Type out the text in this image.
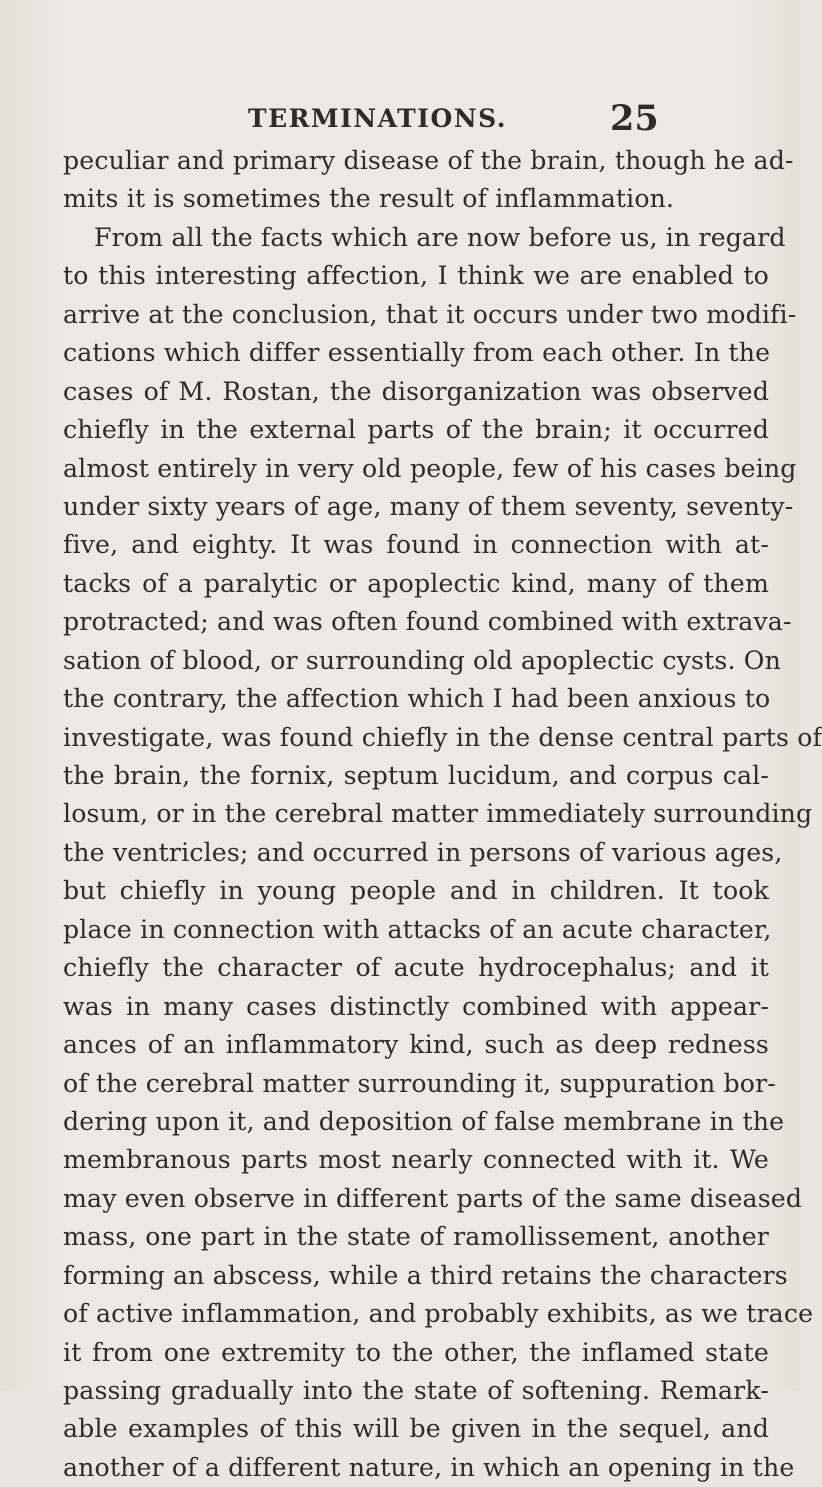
TERMINATIONS.	25
peculiar and primary disease of the brain, though he ad-
mits it is sometimes the result of inflammation.
From all the facts which are now before us, in regard
to this interesting affection, I think we are enabled to
arrive at the conclusion, that it occurs under two modifi-
cations which differ essentially from each other. In the
cases of M. Rostan, the disorganization was observed
chiefly in the external parts of the brain; it occurred
almost entirely in very old people, few of his cases being
under sixty years of age, many of them seventy, seventy-
five, and eighty. It was found in connection with at-
tacks of a paralytic or apoplectic kind, many of them
protracted; and was often found combined with extrava-
sation of blood, or surrounding old apoplectic cysts. On
the contrary, the affection which I had been anxious to
investigate, was found chiefly in the dense central parts of
the brain, the fornix, septum lucidum, and corpus cal-
losum, or in the cerebral matter immediately surrounding
the ventricles; and occurred in persons of various ages,
but chiefly in young people and in children. It took
place in connection with attacks of an acute character,
chiefly the character of acute hydrocephalus; and it
was in many cases distinctly combined with appear-
ances of an inflammatory kind, such as deep redness
of the cerebral matter surrounding it, suppuration bor-
dering upon it, and deposition of false membrane in the
membranous parts most nearly connected with it. We
may even observe in different parts of the same diseased
mass, one part in the state of ramollissement, another
forming an abscess, while a third retains the characters
of active inflammation, and probably exhibits, as we trace
it from one extremity to the other, the inflamed state
passing gradually into the state of softening. Remark-
able examples of this will be given in the sequel, and
another of a different nature, in which an opening in the
